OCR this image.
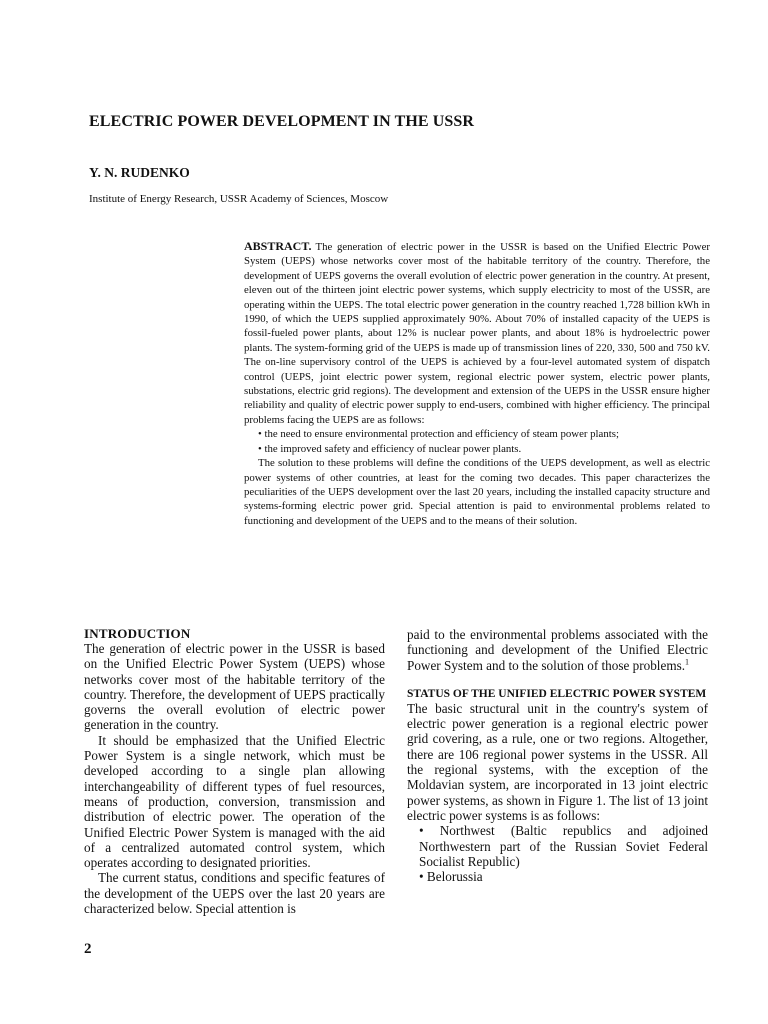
ELECTRIC POWER DEVELOPMENT IN THE USSR

Y. N. RUDENKO

Institute of Energy Research, USSR Academy of Sciences, Moscow

ABSTRACT. The generation of electric power in the USSR is based on the Unified Electric Power System (UEPS) whose networks cover most of the habitable territory of the country. Therefore, the development of UEPS governs the overall evolution of electric power generation in the country. At present, eleven out of the thirteen joint electric power systems, which supply electricity to most of the USSR, are operating within the UEPS. The total electric power generation in the country reached 1,728 billion kWh in 1990, of which the UEPS supplied approximately 90%. About 70% of installed capacity of the UEPS is fossil-fueled power plants, about 12% is nuclear power plants, and about 18% is hydroelectric power plants. The system-forming grid of the UEPS is made up of transmission lines of 220, 330, 500 and 750 kV. The on-line supervisory control of the UEPS is achieved by a four-level automated system of dispatch control (UEPS, joint electric power system, regional electric power system, electric power plants, substations, electric grid regions). The development and extension of the UEPS in the USSR ensure higher reliability and quality of electric power supply to end-users, combined with higher efficiency. The principal problems facing the UEPS are as follows:

• the need to ensure environmental protection and efficiency of steam power plants;
• the improved safety and efficiency of nuclear power plants.

The solution to these problems will define the conditions of the UEPS development, as well as electric power systems of other countries, at least for the coming two decades. This paper characterizes the peculiarities of the UEPS development over the last 20 years, including the installed capacity structure and systems-forming electric power grid. Special attention is paid to environmental problems related to functioning and development of the UEPS and to the means of their solution.

INTRODUCTION

The generation of electric power in the USSR is based on the Unified Electric Power System (UEPS) whose networks cover most of the habitable territory of the country. Therefore, the development of UEPS practically governs the overall evolution of electric power generation in the country.

It should be emphasized that the Unified Electric Power System is a single network, which must be developed according to a single plan allowing interchangeability of different types of fuel resources, means of production, conversion, transmission and distribution of electric power. The operation of the Unified Electric Power System is managed with the aid of a centralized automated control system, which operates according to designated priorities.

The current status, conditions and specific features of the development of the UEPS over the last 20 years are characterized below. Special attention is

paid to the environmental problems associated with the functioning and development of the Unified Electric Power System and to the solution of those problems.$^1$

STATUS OF THE UNIFIED ELECTRIC POWER SYSTEM

The basic structural unit in the country's system of electric power generation is a regional electric power grid covering, as a rule, one or two regions. Altogether, there are 106 regional power systems in the USSR. All the regional systems, with the exception of the Moldavian system, are incorporated in 13 joint electric power systems, as shown in Figure 1. The list of 13 joint electric power systems is as follows:

• Northwest (Baltic republics and adjoined Northwestern part of the Russian Soviet Federal Socialist Republic)
• Belorussia

2
